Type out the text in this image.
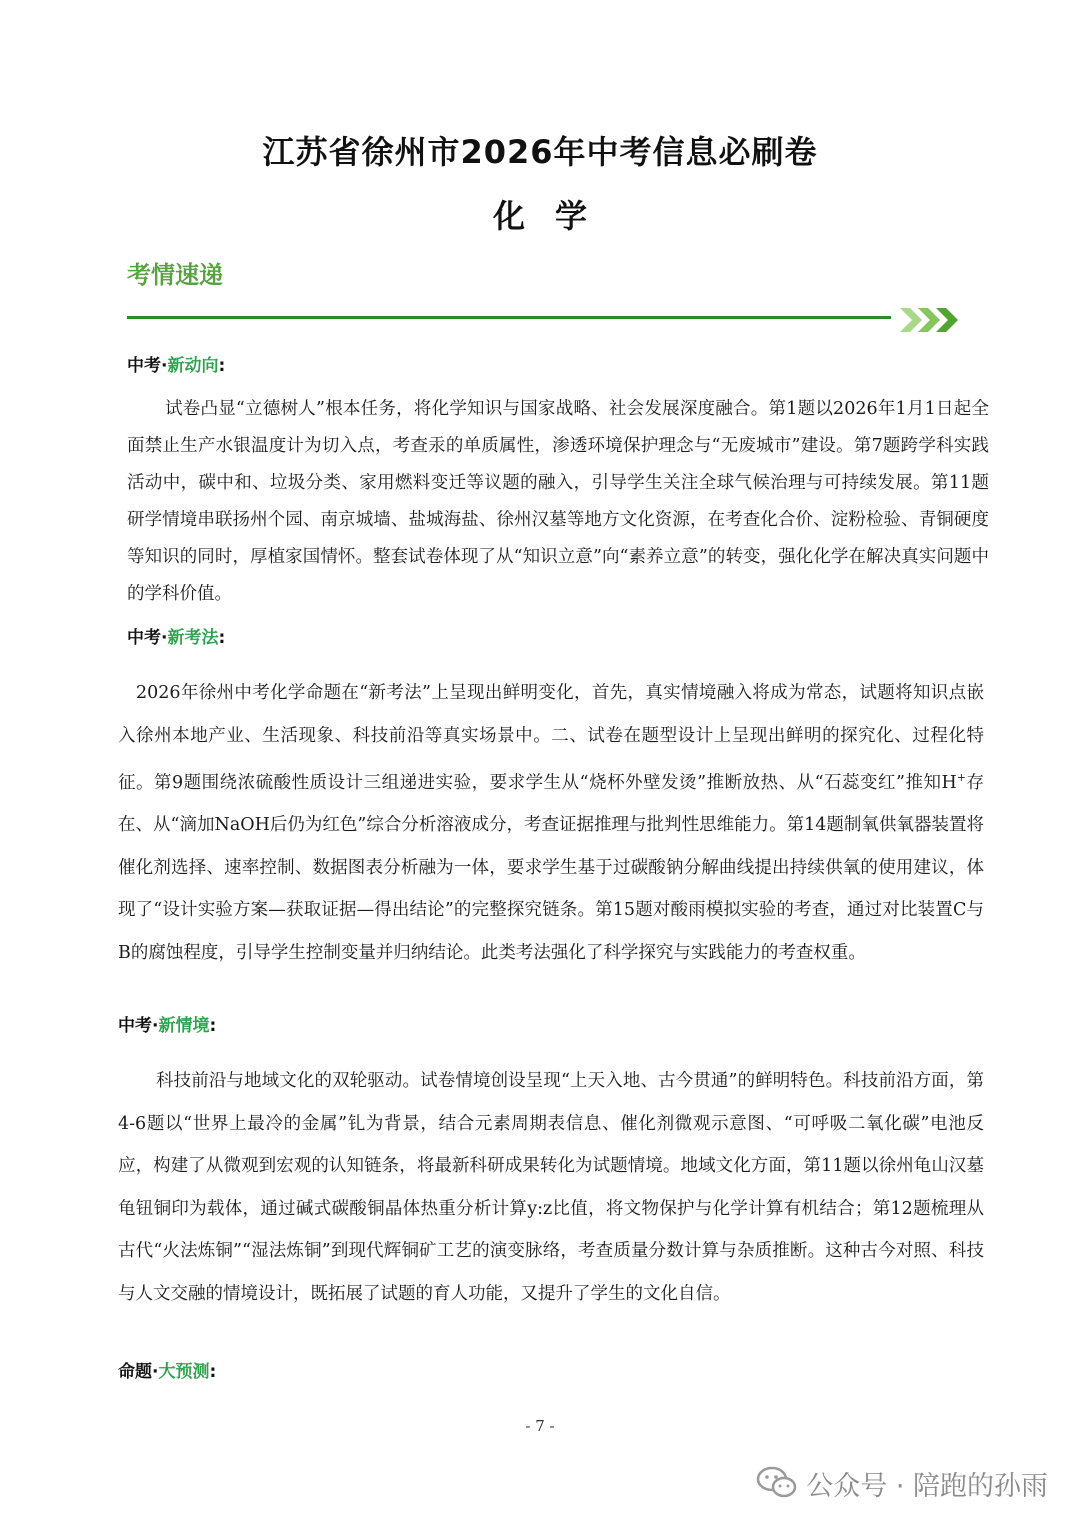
江苏省徐州市2026年中考信息必刷卷
化学
考情速递
中考·新动向:
试卷凸显“立德树人”根本任务，将化学知识与国家战略、社会发展深度融合。第1题以2026年1月1日起全面禁止生产水银温度计为切入点，考查汞的单质属性，渗透环境保护理念与“无废城市”建设。第7题跨学科实践活动中，碳中和、垃圾分类、家用燃料变迁等议题的融入，引导学生关注全球气候治理与可持续发展。第11题研学情境串联扬州个园、南京城墙、盐城海盐、徐州汉墓等地方文化资源，在考查化合价、淀粉检验、青铜硬度等知识的同时，厚植家国情怀。整套试卷体现了从“知识立意”向“素养立意”的转变，强化化学在解决真实问题中的学科价值。
中考·新考法:
2026年徐州中考化学命题在“新考法”上呈现出鲜明变化，首先，真实情境融入将成为常态，试题将知识点嵌入徐州本地产业、生活现象、科技前沿等真实场景中。二、试卷在题型设计上呈现出鲜明的探究化、过程化特征。第9题围绕浓硫酸性质设计三组递进实验，要求学生从“烧杯外壁发烫”推断放热、从“石蕊变红”推知H+存在、从“滴加NaOH后仍为红色”综合分析溶液成分，考查证据推理与批判性思维能力。第14题制氧供氧器装置将催化剂选择、速率控制、数据图表分析融为一体，要求学生基于过碳酸钠分解曲线提出持续供氧的使用建议，体现了“设计实验方案—获取证据—得出结论”的完整探究链条。第15题对酸雨模拟实验的考查，通过对比装置C与B的腐蚀程度，引导学生控制变量并归纳结论。此类考法强化了科学探究与实践能力的考查权重。
中考·新情境:
科技前沿与地域文化的双轮驱动。试卷情境创设呈现“上天入地、古今贯通”的鲜明特色。科技前沿方面，第4-6题以“世界上最冷的金属”钆为背景，结合元素周期表信息、催化剂微观示意图、“可呼吸二氧化碳”电池反应，构建了从微观到宏观的认知链条，将最新科研成果转化为试题情境。地域文化方面，第11题以徐州龟山汉墓龟钮铜印为载体，通过碱式碳酸铜晶体热重分析计算y:z比值，将文物保护与化学计算有机结合；第12题梳理从古代“火法炼铜”“湿法炼铜”到现代辉铜矿工艺的演变脉络，考查质量分数计算与杂质推断。这种古今对照、科技与人文交融的情境设计，既拓展了试题的育人功能，又提升了学生的文化自信。
命题·大预测:
- 7 -
公众号 · 陪跑的孙雨
